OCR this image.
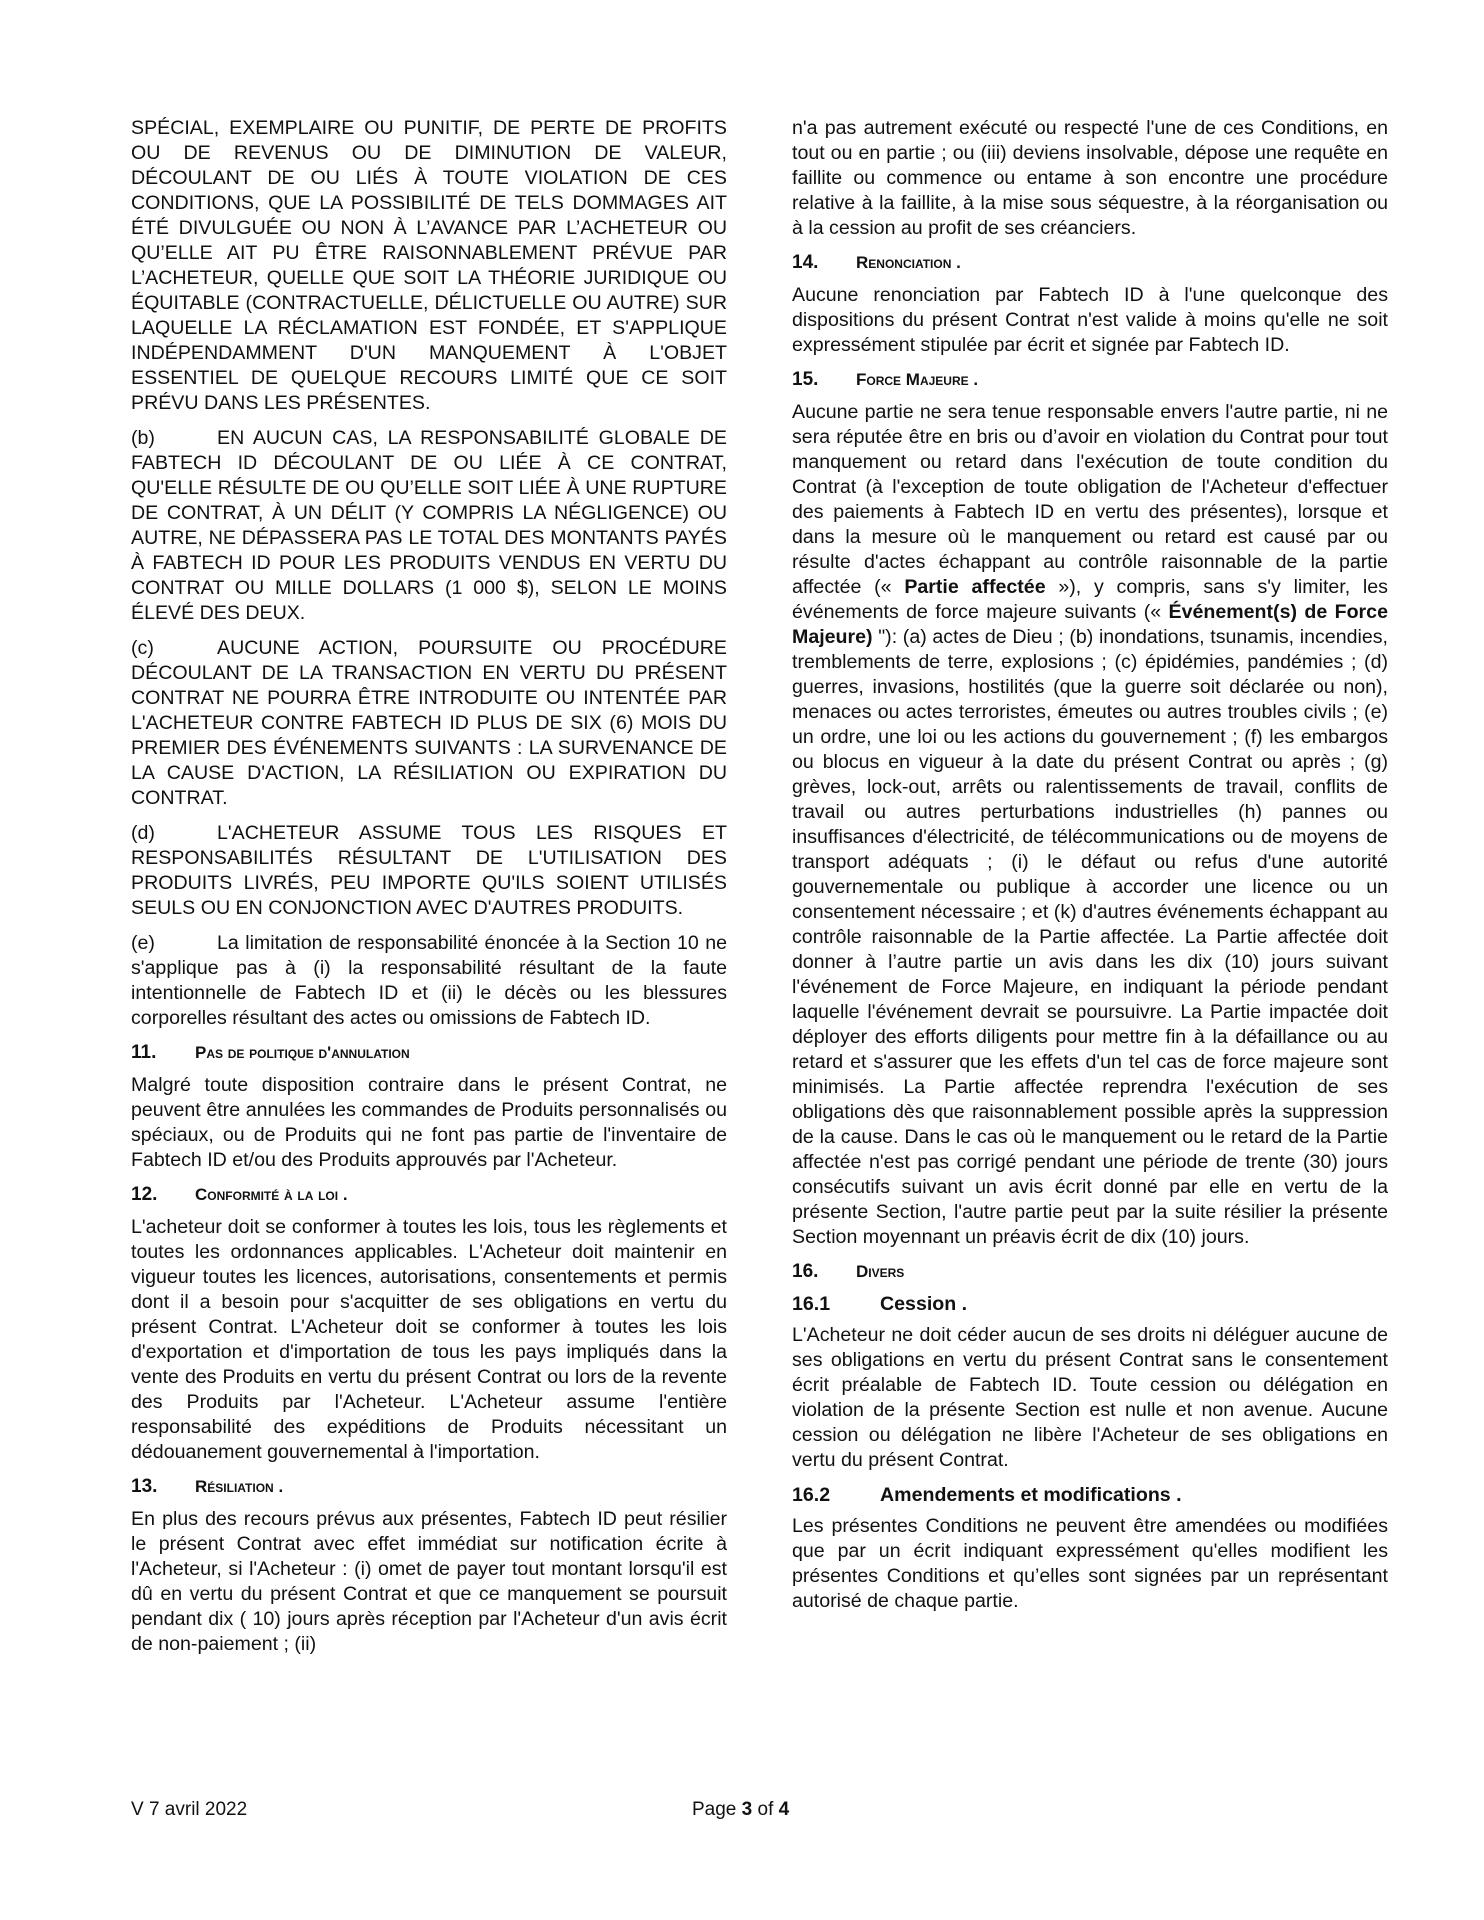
SPÉCIAL, EXEMPLAIRE OU PUNITIF, DE PERTE DE PROFITS OU DE REVENUS OU DE DIMINUTION DE VALEUR, DÉCOULANT DE OU LIÉS À TOUTE VIOLATION DE CES CONDITIONS, QUE LA POSSIBILITÉ DE TELS DOMMAGES AIT ÉTÉ DIVULGUÉE OU NON À L’AVANCE PAR L’ACHETEUR OU QU’ELLE AIT PU ÊTRE RAISONNABLEMENT PRÉVUE PAR L’ACHETEUR, QUELLE QUE SOIT LA THÉORIE JURIDIQUE OU ÉQUITABLE (CONTRACTUELLE, DÉLICTUELLE OU AUTRE) SUR LAQUELLE LA RÉCLAMATION EST FONDÉE, ET S'APPLIQUE INDÉPENDAMMENT D'UN MANQUEMENT À L'OBJET ESSENTIEL DE QUELQUE RECOURS LIMITÉ QUE CE SOIT PRÉVU DANS LES PRÉSENTES.

(b)	EN AUCUN CAS, LA RESPONSABILITÉ GLOBALE DE FABTECH ID DÉCOULANT DE OU LIÉE À CE CONTRAT, QU'ELLE RÉSULTE DE OU QU’ELLE SOIT LIÉE À UNE RUPTURE DE CONTRAT, À UN DÉLIT (Y COMPRIS LA NÉGLIGENCE) OU AUTRE, NE DÉPASSERA PAS LE TOTAL DES MONTANTS PAYÉS À FABTECH ID POUR LES PRODUITS VENDUS EN VERTU DU CONTRAT OU MILLE DOLLARS (1 000 $), SELON LE MOINS ÉLEVÉ DES DEUX.

(c)	AUCUNE ACTION, POURSUITE OU PROCÉDURE DÉCOULANT DE LA TRANSACTION EN VERTU DU PRÉSENT CONTRAT NE POURRA ÊTRE INTRODUITE OU INTENTÉE PAR L'ACHETEUR CONTRE FABTECH ID PLUS DE SIX (6) MOIS DU PREMIER DES ÉVÉNEMENTS SUIVANTS : LA SURVENANCE DE LA CAUSE D'ACTION, LA RÉSILIATION OU EXPIRATION DU CONTRAT.

(d)	L'ACHETEUR ASSUME TOUS LES RISQUES ET RESPONSABILITÉS RÉSULTANT DE L'UTILISATION DES PRODUITS LIVRÉS, PEU IMPORTE QU'ILS SOIENT UTILISÉS SEULS OU EN CONJONCTION AVEC D'AUTRES PRODUITS.

(e)	La limitation de responsabilité énoncée à la Section 10 ne s'applique pas à (i) la responsabilité résultant de la faute intentionnelle de Fabtech ID et (ii) le décès ou les blessures corporelles résultant des actes ou omissions de Fabtech ID.

11. Pas de politique d'annulation

Malgré toute disposition contraire dans le présent Contrat, ne peuvent être annulées les commandes de Produits personnalisés ou spéciaux, ou de Produits qui ne font pas partie de l'inventaire de Fabtech ID et/ou des Produits approuvés par l'Acheteur.

12. Conformité à la loi .

L'acheteur doit se conformer à toutes les lois, tous les règlements et toutes les ordonnances applicables. L'Acheteur doit maintenir en vigueur toutes les licences, autorisations, consentements et permis dont il a besoin pour s'acquitter de ses obligations en vertu du présent Contrat. L'Acheteur doit se conformer à toutes les lois d'exportation et d'importation de tous les pays impliqués dans la vente des Produits en vertu du présent Contrat ou lors de la revente des Produits par l'Acheteur. L'Acheteur assume l'entière responsabilité des expéditions de Produits nécessitant un dédouanement gouvernemental à l'importation.

13. Résiliation .

En plus des recours prévus aux présentes, Fabtech ID peut résilier le présent Contrat avec effet immédiat sur notification écrite à l'Acheteur, si l'Acheteur : (i) omet de payer tout montant lorsqu'il est dû en vertu du présent Contrat et que ce manquement se poursuit pendant dix ( 10) jours après réception par l'Acheteur d'un avis écrit de non-paiement ; (ii)

n'a pas autrement exécuté ou respecté l'une de ces Conditions, en tout ou en partie ; ou (iii) deviens insolvable, dépose une requête en faillite ou commence ou entame à son encontre une procédure relative à la faillite, à la mise sous séquestre, à la réorganisation ou à la cession au profit de ses créanciers.

14. Renonciation .

Aucune renonciation par Fabtech ID à l'une quelconque des dispositions du présent Contrat n'est valide à moins qu'elle ne soit expressément stipulée par écrit et signée par Fabtech ID.

15. Force Majeure .

Aucune partie ne sera tenue responsable envers l'autre partie, ni ne sera réputée être en bris ou d’avoir en violation du Contrat pour tout manquement ou retard dans l'exécution de toute condition du Contrat (à l'exception de toute obligation de l'Acheteur d'effectuer des paiements à Fabtech ID en vertu des présentes), lorsque et dans la mesure où le manquement ou retard est causé par ou résulte d'actes échappant au contrôle raisonnable de la partie affectée (« Partie affectée »), y compris, sans s'y limiter, les événements de force majeure suivants (« Événement(s) de Force Majeure) "): (a) actes de Dieu ; (b) inondations, tsunamis, incendies, tremblements de terre, explosions ; (c) épidémies, pandémies ; (d) guerres, invasions, hostilités (que la guerre soit déclarée ou non), menaces ou actes terroristes, émeutes ou autres troubles civils ; (e) un ordre, une loi ou les actions du gouvernement ; (f) les embargos ou blocus en vigueur à la date du présent Contrat ou après ; (g) grèves, lock-out, arrêts ou ralentissements de travail, conflits de travail ou autres perturbations industrielles (h) pannes ou insuffisances d'électricité, de télécommunications ou de moyens de transport adéquats ; (i) le défaut ou refus d'une autorité gouvernementale ou publique à accorder une licence ou un consentement nécessaire ; et (k) d'autres événements échappant au contrôle raisonnable de la Partie affectée. La Partie affectée doit donner à l’autre partie un avis dans les dix (10) jours suivant l'événement de Force Majeure, en indiquant la période pendant laquelle l'événement devrait se poursuivre. La Partie impactée doit déployer des efforts diligents pour mettre fin à la défaillance ou au retard et s'assurer que les effets d'un tel cas de force majeure sont minimisés. La Partie affectée reprendra l'exécution de ses obligations dès que raisonnablement possible après la suppression de la cause. Dans le cas où le manquement ou le retard de la Partie affectée n'est pas corrigé pendant une période de trente (30) jours consécutifs suivant un avis écrit donné par elle en vertu de la présente Section, l'autre partie peut par la suite résilier la présente Section moyennant un préavis écrit de dix (10) jours.

16. Divers
16.1	Cession .

L'Acheteur ne doit céder aucun de ses droits ni déléguer aucune de ses obligations en vertu du présent Contrat sans le consentement écrit préalable de Fabtech ID. Toute cession ou délégation en violation de la présente Section est nulle et non avenue. Aucune cession ou délégation ne libère l'Acheteur de ses obligations en vertu du présent Contrat.

16.2	Amendements et modifications .

Les présentes Conditions ne peuvent être amendées ou modifiées que par un écrit indiquant expressément qu'elles modifient les présentes Conditions et qu’elles sont signées par un représentant autorisé de chaque partie.

V 7 avril 2022	Page 3 of 4
